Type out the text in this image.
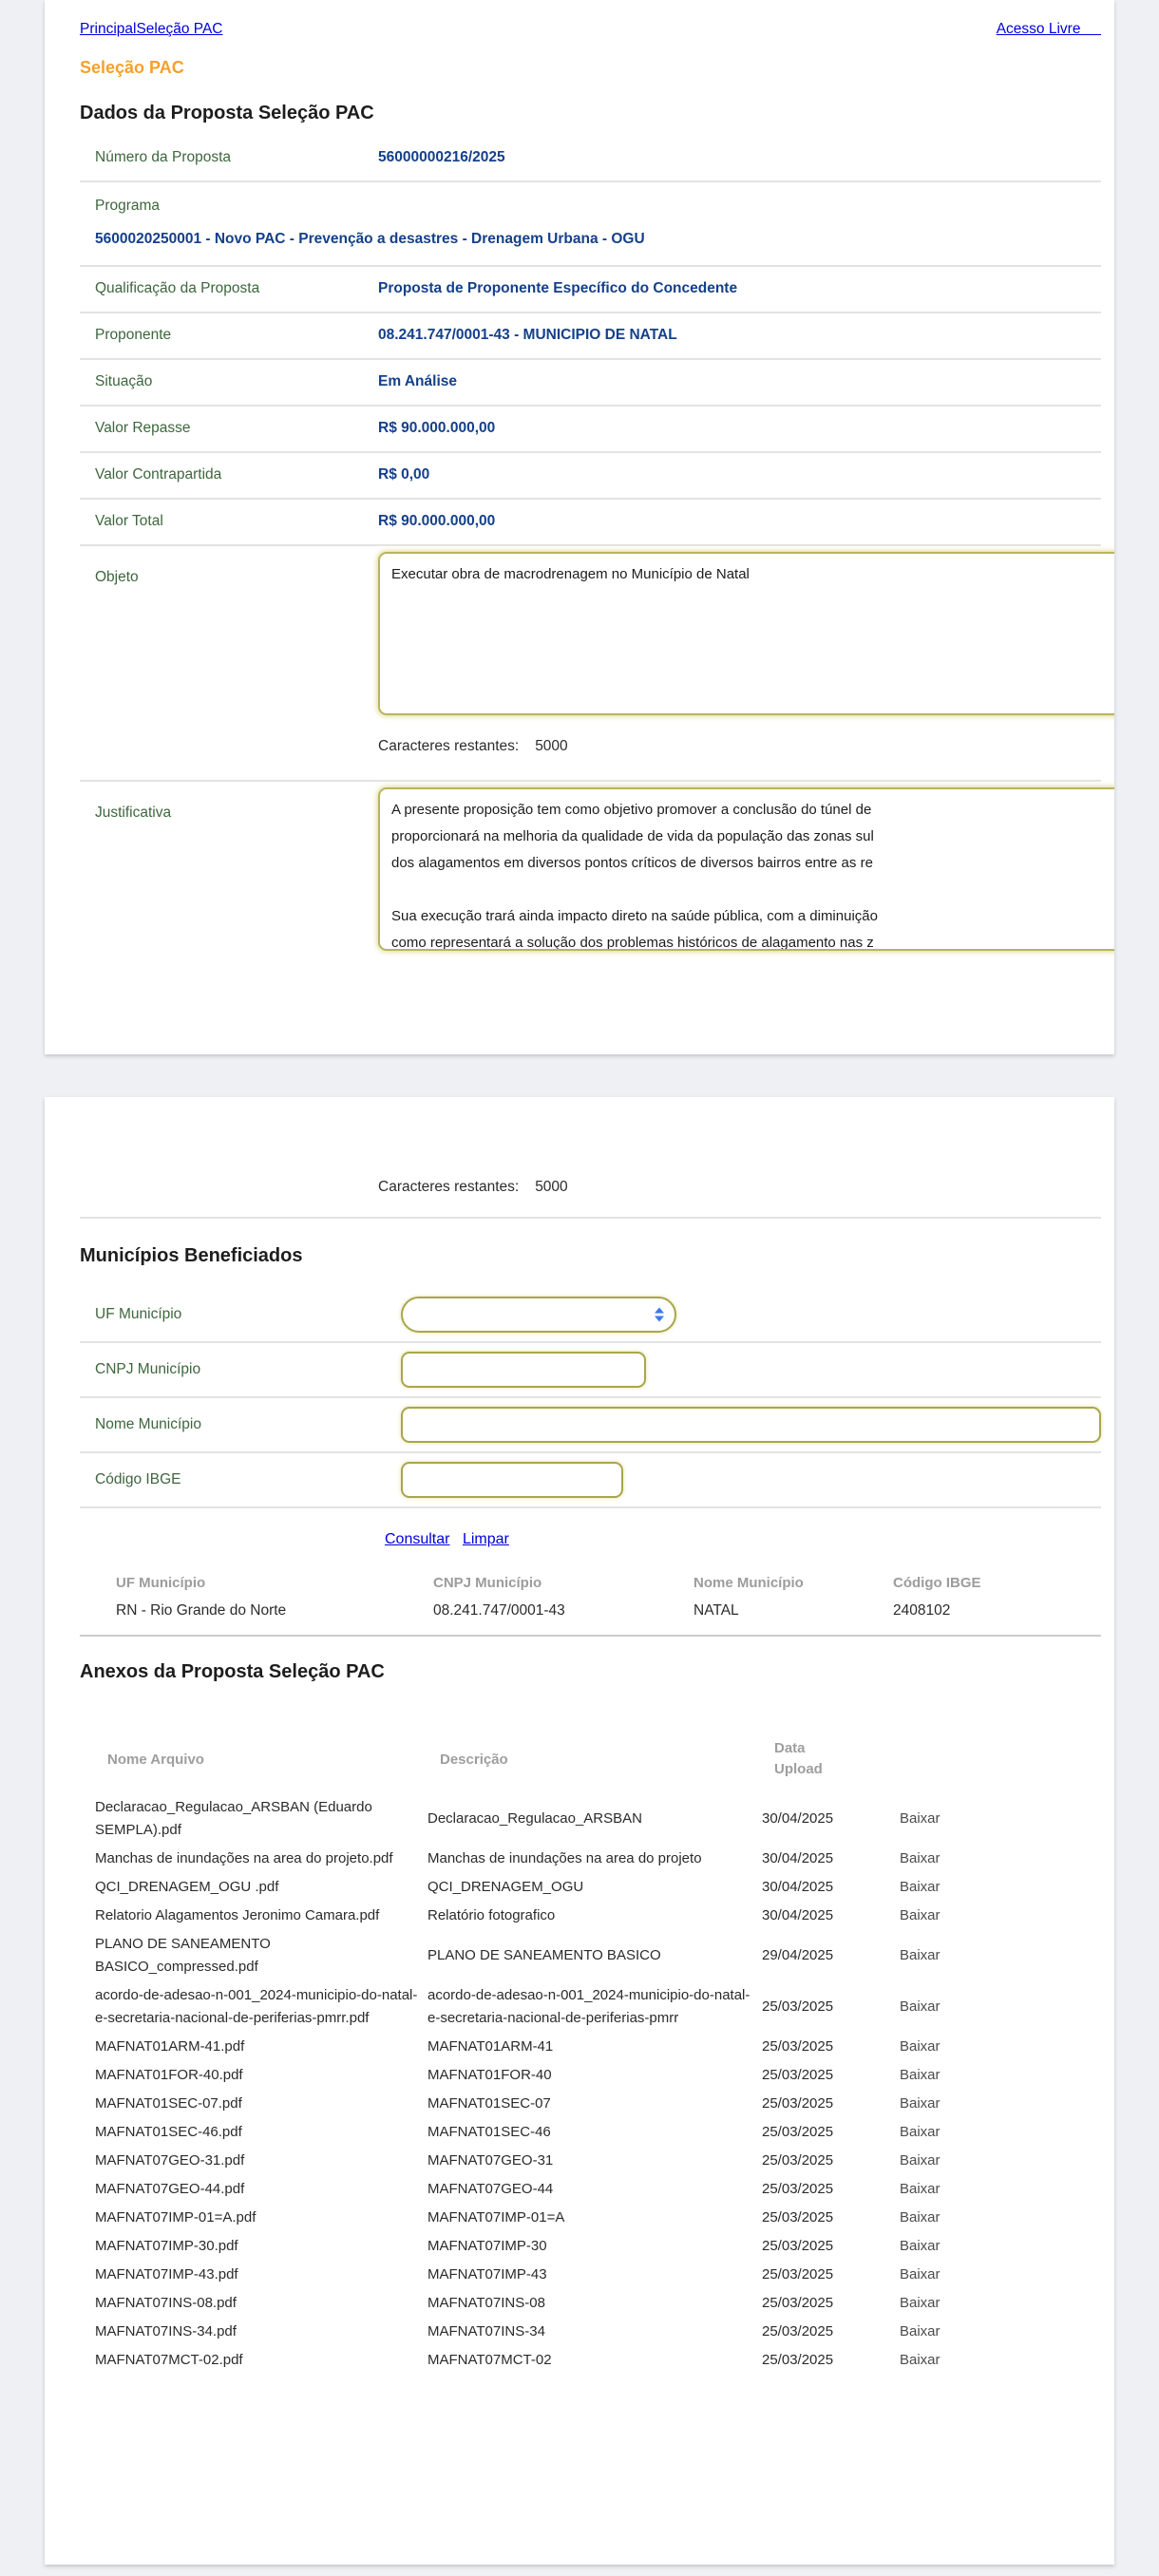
PrincipalSeleção PAC	Acesso Livre
Seleção PAC
Dados da Proposta Seleção PAC
Número da Proposta	56000000216/2025
Programa
5600020250001 - Novo PAC - Prevenção a desastres - Drenagem Urbana - OGU
Qualificação da Proposta	Proposta de Proponente Específico do Concedente
Proponente	08.241.747/0001-43 - MUNICIPIO DE NATAL
Situação	Em Análise
Valor Repasse	R$ 90.000.000,00
Valor Contrapartida	R$ 0,00
Valor Total	R$ 90.000.000,00
Objeto
Executar obra de macrodrenagem no Município de Natal
Caracteres restantes: 5000
Justificativa
A presente proposição tem como objetivo promover a conclusão do túnel de proporcionará na melhoria da qualidade de vida da população das zonas sul dos alagamentos em diversos pontos críticos de diversos bairros entre as re Sua execução trará ainda impacto direto na saúde pública, com a diminuição como representará a solução dos problemas históricos de alagamento nas z
Caracteres restantes: 5000
Municípios Beneficiados
UF Município
CNPJ Município
Nome Município
Código IBGE
Consultar Limpar
UF Município	CNPJ Município	Nome Município	Código IBGE
RN - Rio Grande do Norte	08.241.747/0001-43	NATAL	2408102
Anexos da Proposta Seleção PAC
Nome Arquivo	Descrição	Data Upload	

Declaracao_Regulacao_ARSBAN (Eduardo SEMPLA).pdf	Declaracao_Regulacao_ARSBAN	30/04/2025	Baixar
Manchas de inundações na area do projeto.pdf	Manchas de inundações na area do projeto	30/04/2025	Baixar
QCI_DRENAGEM_OGU .pdf	QCI_DRENAGEM_OGU	30/04/2025	Baixar
Relatorio Alagamentos Jeronimo Camara.pdf	Relatório fotografico	30/04/2025	Baixar
PLANO DE SANEAMENTO BASICO_compressed.pdf	PLANO DE SANEAMENTO BASICO	29/04/2025	Baixar
acordo-de-adesao-n-001_2024-municipio-do-natal-e-secretaria-nacional-de-periferias-pmrr.pdf	acordo-de-adesao-n-001_2024-municipio-do-natal-e-secretaria-nacional-de-periferias-pmrr	25/03/2025	Baixar
MAFNAT01ARM-41.pdf	MAFNAT01ARM-41	25/03/2025	Baixar
MAFNAT01FOR-40.pdf	MAFNAT01FOR-40	25/03/2025	Baixar
MAFNAT01SEC-07.pdf	MAFNAT01SEC-07	25/03/2025	Baixar
MAFNAT01SEC-46.pdf	MAFNAT01SEC-46	25/03/2025	Baixar
MAFNAT07GEO-31.pdf	MAFNAT07GEO-31	25/03/2025	Baixar
MAFNAT07GEO-44.pdf	MAFNAT07GEO-44	25/03/2025	Baixar
MAFNAT07IMP-01=A.pdf	MAFNAT07IMP-01=A	25/03/2025	Baixar
MAFNAT07IMP-30.pdf	MAFNAT07IMP-30	25/03/2025	Baixar
MAFNAT07IMP-43.pdf	MAFNAT07IMP-43	25/03/2025	Baixar
MAFNAT07INS-08.pdf	MAFNAT07INS-08	25/03/2025	Baixar
MAFNAT07INS-34.pdf	MAFNAT07INS-34	25/03/2025	Baixar
MAFNAT07MCT-02.pdf	MAFNAT07MCT-02	25/03/2025	Baixar
